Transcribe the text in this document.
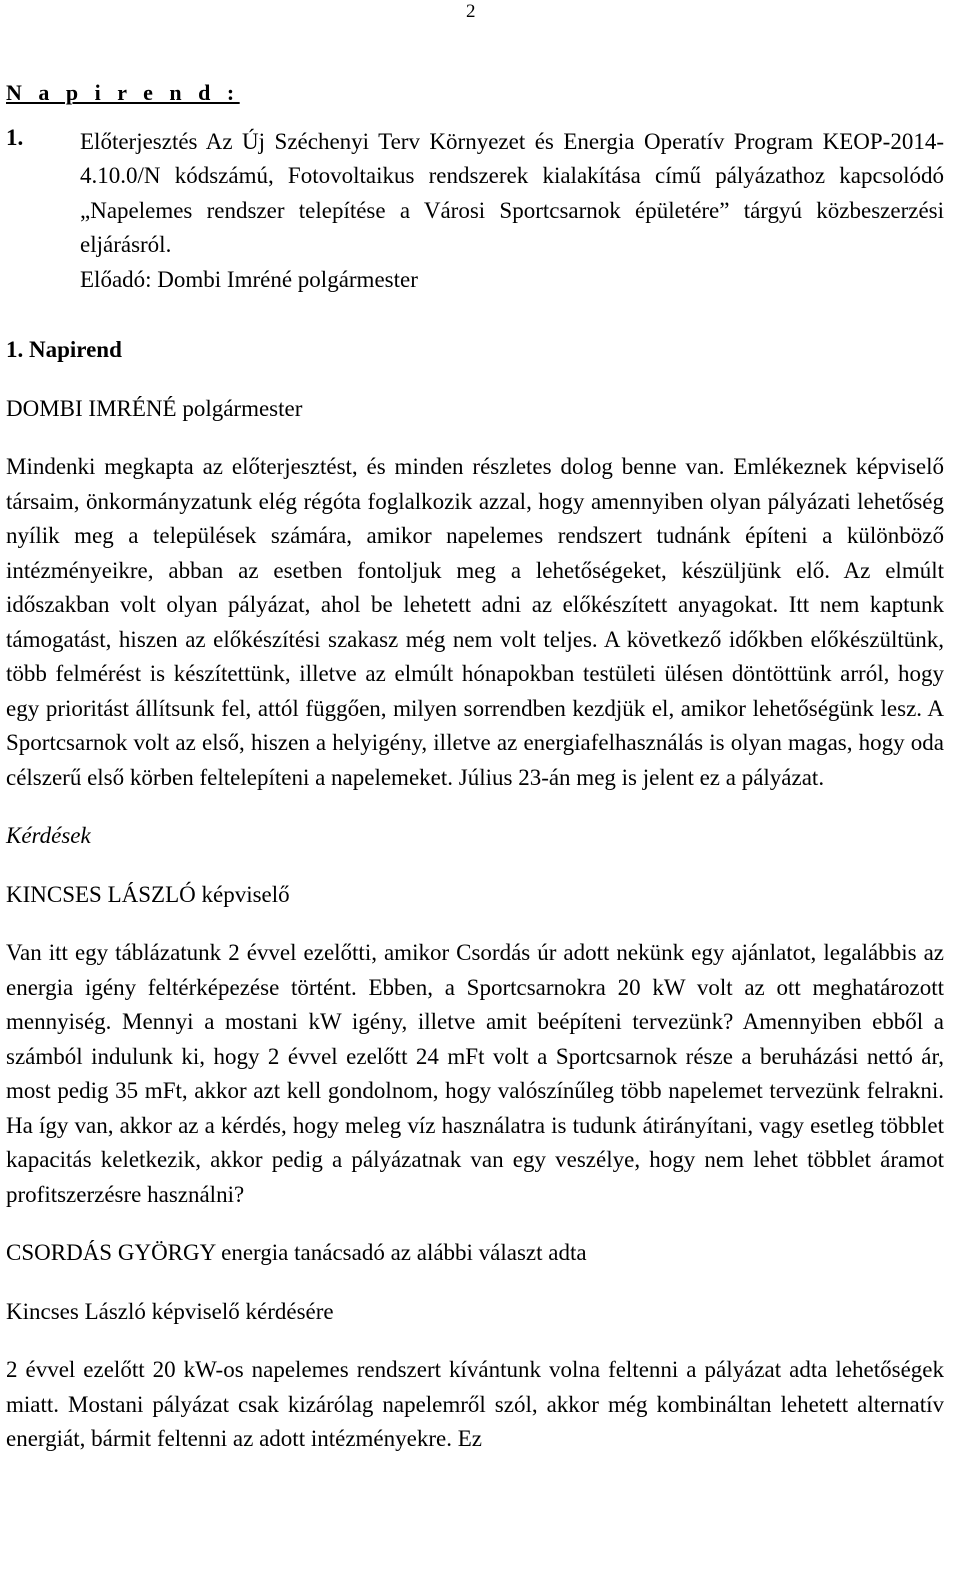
2

N a p i r e n d :

1. Előterjesztés Az Új Széchenyi Terv Környezet és Energia Operatív Program KEOP-2014-4.10.0/N kódszámú, Fotovoltaikus rendszerek kialakítása című pályázathoz kapcsolódó „Napelemes rendszer telepítése a Városi Sportcsarnok épületére” tárgyú közbeszerzési eljárásról.

Előadó: Dombi Imréné polgármester

1. Napirend

DOMBI IMRÉNÉ polgármester

Mindenki megkapta az előterjesztést, és minden részletes dolog benne van. Emlékeznek képviselő társaim, önkormányzatunk elég régóta foglalkozik azzal, hogy amennyiben olyan pályázati lehetőség nyílik meg a települések számára, amikor napelemes rendszert tudnánk építeni a különböző intézményeikre, abban az esetben fontoljuk meg a lehetőségeket, készüljünk elő. Az elmúlt időszakban volt olyan pályázat, ahol be lehetett adni az előkészített anyagokat. Itt nem kaptunk támogatást, hiszen az előkészítési szakasz még nem volt teljes. A következő időkben előkészültünk, több felmérést is készítettünk, illetve az elmúlt hónapokban testületi ülésen döntöttünk arról, hogy egy prioritást állítsunk fel, attól függően, milyen sorrendben kezdjük el, amikor lehetőségünk lesz. A Sportcsarnok volt az első, hiszen a helyigény, illetve az energiafelhasználás is olyan magas, hogy oda célszerű első körben feltelepíteni a napelemeket. Július 23-án meg is jelent ez a pályázat.

Kérdések

KINCSES LÁSZLÓ képviselő

Van itt egy táblázatunk 2 évvel ezelőtti, amikor Csordás úr adott nekünk egy ajánlatot, legalábbis az energia igény feltérképezése történt. Ebben, a Sportcsarnokra 20 kW volt az ott meghatározott mennyiség. Mennyi a mostani kW igény, illetve amit beépíteni tervezünk? Amennyiben ebből a számból indulunk ki, hogy 2 évvel ezelőtt 24 mFt volt a Sportcsarnok része a beruházási nettó ár, most pedig 35 mFt, akkor azt kell gondolnom, hogy valószínűleg több napelemet tervezünk felrakni. Ha így van, akkor az a kérdés, hogy meleg víz használatra is tudunk átirányítani, vagy esetleg többlet kapacitás keletkezik, akkor pedig a pályázatnak van egy veszélye, hogy nem lehet többlet áramot profitszerzésre használni?

CSORDÁS GYÖRGY energia tanácsadó az alábbi választ adta

Kincses László képviselő kérdésére

2 évvel ezelőtt 20 kW-os napelemes rendszert kívántunk volna feltenni a pályázat adta lehetőségek miatt. Mostani pályázat csak kizárólag napelemről szól, akkor még kombináltan lehetett alternatív energiát, bármit feltenni az adott intézményekre. Ez
